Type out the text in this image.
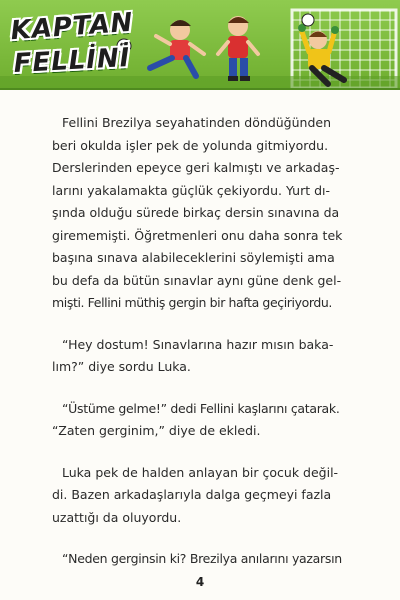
KAPTAN
FELLİNİ

Fellini Brezilya seyahatinden döndüğünden
beri okulda işler pek de yolunda gitmiyordu.
Derslerinden epeyce geri kalmıştı ve arkadaş-
larını yakalamakta güçlük çekiyordu. Yurt dı-
şında olduğu sürede birkaç dersin sınavına da
girememişti. Öğretmenleri onu daha sonra tek
başına sınava alabileceklerini söylemişti ama
bu defa da bütün sınavlar aynı güne denk gel-
mişti. Fellini müthiş gergin bir hafta geçiriyordu.

“Hey dostum! Sınavlarına hazır mısın baka-
lım?” diye sordu Luka.

“Üstüme gelme!” dedi Fellini kaşlarını çatarak.
“Zaten gerginim,” diye de ekledi.

Luka pek de halden anlayan bir çocuk değil-
di. Bazen arkadaşlarıyla dalga geçmeyi fazla
uzattığı da oluyordu.

“Neden gerginsin ki? Brezilya anılarını yazarsın

4
